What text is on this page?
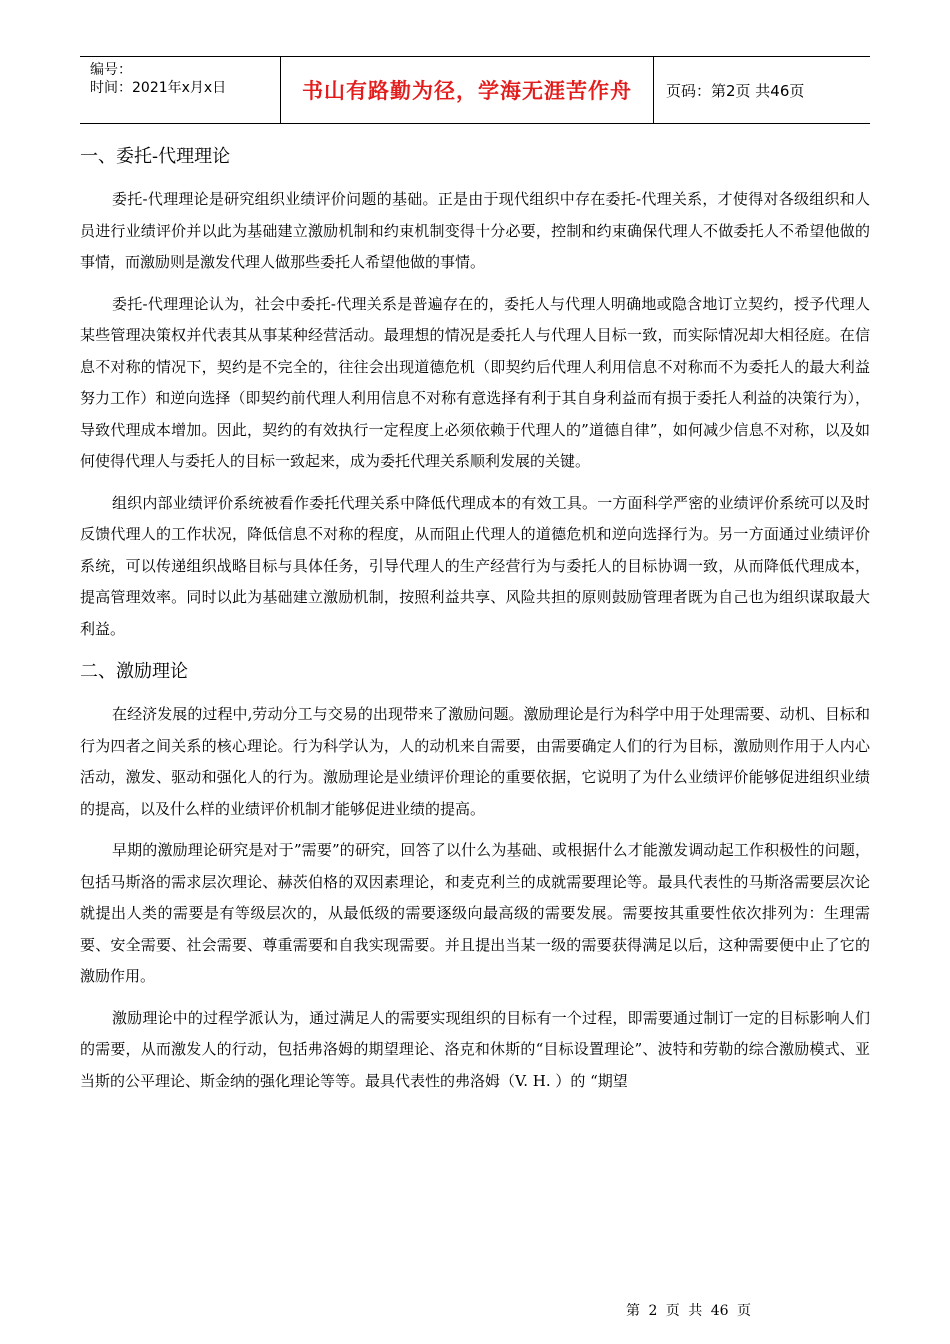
编号：
时间：2021年x月x日	书山有路勤为径，学海无涯苦作舟	页码：第2页 共46页
一、委托-代理理论

委托-代理理论是研究组织业绩评价问题的基础。正是由于现代组织中存在委托-代理关系，才使得对各级组织和人员进行业绩评价并以此为基础建立激励机制和约束机制变得十分必要，控制和约束确保代理人不做委托人不希望他做的事情，而激励则是激发代理人做那些委托人希望他做的事情。

委托-代理理论认为，社会中委托-代理关系是普遍存在的，委托人与代理人明确地或隐含地订立契约，授予代理人某些管理决策权并代表其从事某种经营活动。最理想的情况是委托人与代理人目标一致，而实际情况却大相径庭。在信息不对称的情况下，契约是不完全的，往往会出现道德危机（即契约后代理人利用信息不对称而不为委托人的最大利益努力工作）和逆向选择（即契约前代理人利用信息不对称有意选择有利于其自身利益而有损于委托人利益的决策行为），导致代理成本增加。因此，契约的有效执行一定程度上必须依赖于代理人的”道德自律”，如何减少信息不对称，以及如何使得代理人与委托人的目标一致起来，成为委托代理关系顺利发展的关键。

组织内部业绩评价系统被看作委托代理关系中降低代理成本的有效工具。一方面科学严密的业绩评价系统可以及时反馈代理人的工作状况，降低信息不对称的程度，从而阻止代理人的道德危机和逆向选择行为。另一方面通过业绩评价系统，可以传递组织战略目标与具体任务，引导代理人的生产经营行为与委托人的目标协调一致，从而降低代理成本，提高管理效率。同时以此为基础建立激励机制，按照利益共享、风险共担的原则鼓励管理者既为自己也为组织谋取最大利益。

二、激励理论

在经济发展的过程中,劳动分工与交易的出现带来了激励问题。激励理论是行为科学中用于处理需要、动机、目标和行为四者之间关系的核心理论。行为科学认为，人的动机来自需要，由需要确定人们的行为目标，激励则作用于人内心活动，激发、驱动和强化人的行为。激励理论是业绩评价理论的重要依据，它说明了为什么业绩评价能够促进组织业绩的提高，以及什么样的业绩评价机制才能够促进业绩的提高。

早期的激励理论研究是对于”需要”的研究，回答了以什么为基础、或根据什么才能激发调动起工作积极性的问题，包括马斯洛的需求层次理论、赫茨伯格的双因素理论，和麦克利兰的成就需要理论等。最具代表性的马斯洛需要层次论就提出人类的需要是有等级层次的，从最低级的需要逐级向最高级的需要发展。需要按其重要性依次排列为：生理需要、安全需要、社会需要、尊重需要和自我实现需要。并且提出当某一级的需要获得满足以后，这种需要便中止了它的激励作用。

激励理论中的过程学派认为，通过满足人的需要实现组织的目标有一个过程，即需要通过制订一定的目标影响人们的需要，从而激发人的行动，包括弗洛姆的期望理论、洛克和休斯的“目标设置理论”、波特和劳勒的综合激励模式、亚当斯的公平理论、斯金纳的强化理论等等。最具代表性的弗洛姆（V. H. ）的 “期望

第 2 页 共 46 页
